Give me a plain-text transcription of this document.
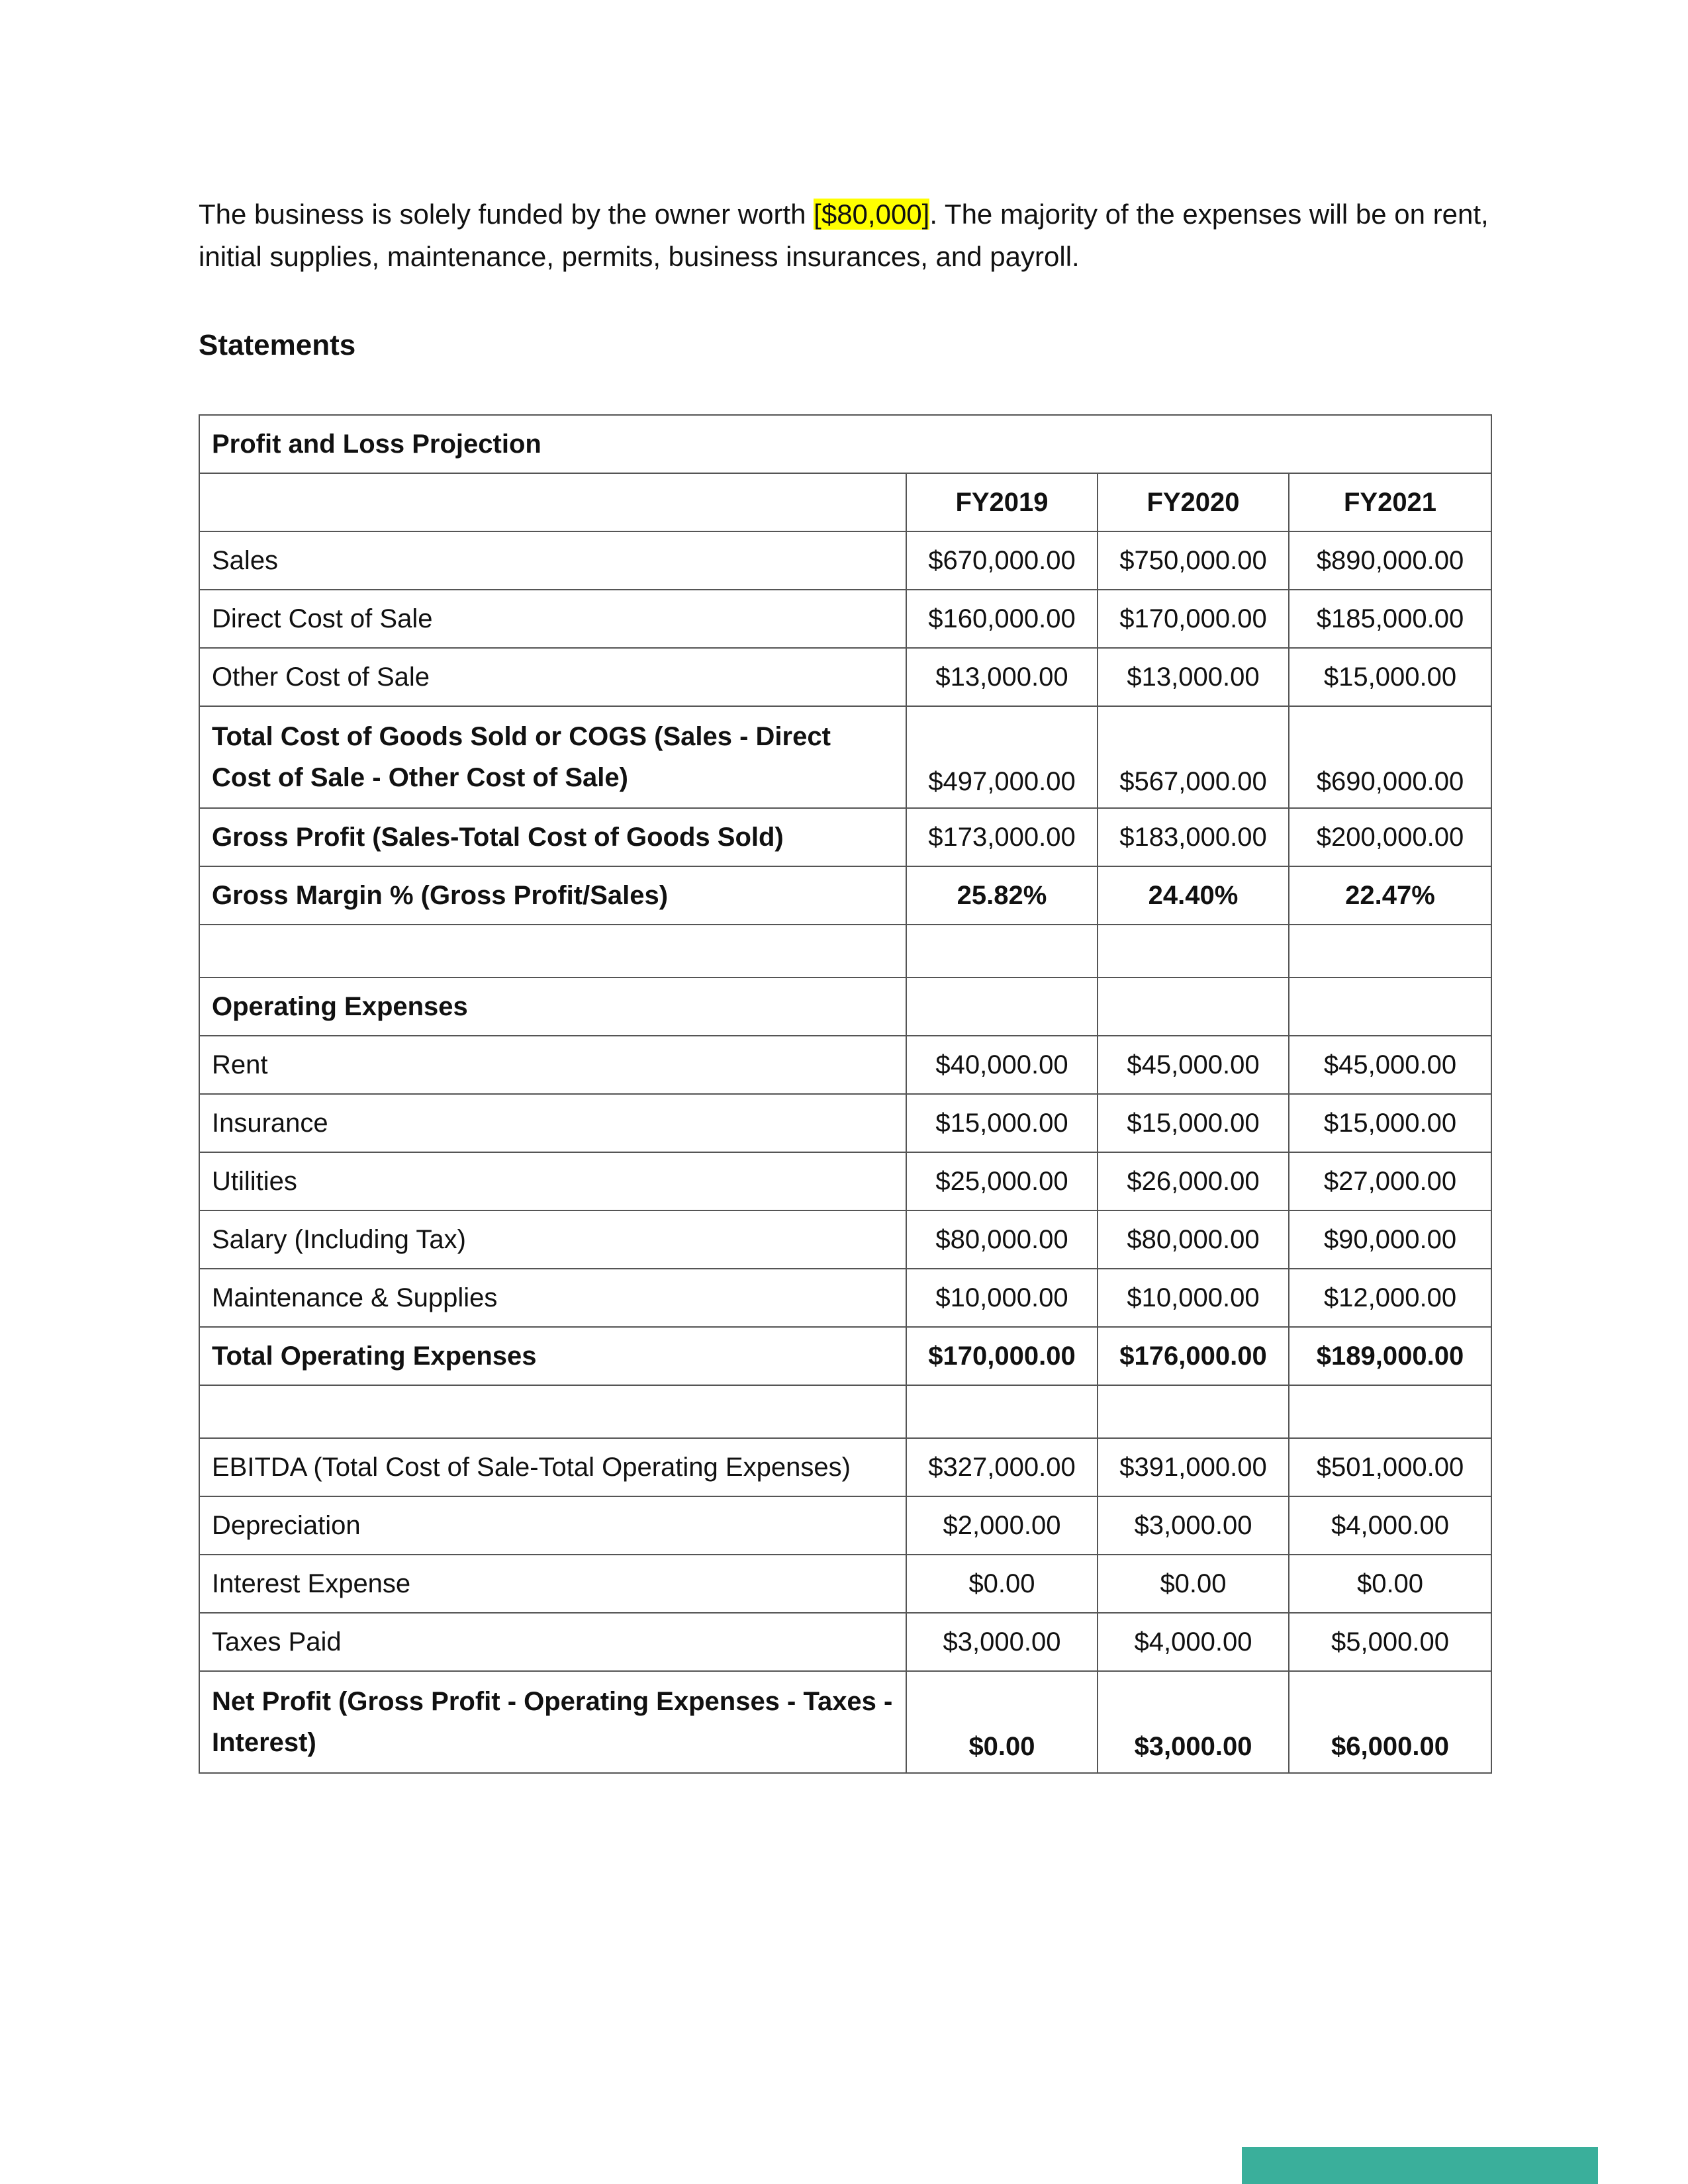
The business is solely funded by the owner worth [$80,000]. The majority of the expenses will be on rent, initial supplies, maintenance, permits, business insurances, and payroll.

Statements
Profit and Loss Projection			
	FY2019	FY2020	FY2021
Sales	$670,000.00	$750,000.00	$890,000.00
Direct Cost of Sale	$160,000.00	$170,000.00	$185,000.00
Other Cost of Sale	$13,000.00	$13,000.00	$15,000.00
Total Cost of Goods Sold or COGS (Sales - Direct Cost of Sale - Other Cost of Sale)	$497,000.00	$567,000.00	$690,000.00
Gross Profit (Sales-Total Cost of Goods Sold)	$173,000.00	$183,000.00	$200,000.00
Gross Margin % (Gross Profit/Sales)	25.82%	24.40%	22.47%

Operating Expenses			
Rent	$40,000.00	$45,000.00	$45,000.00
Insurance	$15,000.00	$15,000.00	$15,000.00
Utilities	$25,000.00	$26,000.00	$27,000.00
Salary (Including Tax)	$80,000.00	$80,000.00	$90,000.00
Maintenance & Supplies	$10,000.00	$10,000.00	$12,000.00
Total Operating Expenses	$170,000.00	$176,000.00	$189,000.00

EBITDA (Total Cost of Sale-Total Operating Expenses)	$327,000.00	$391,000.00	$501,000.00
Depreciation	$2,000.00	$3,000.00	$4,000.00
Interest Expense	$0.00	$0.00	$0.00
Taxes Paid	$3,000.00	$4,000.00	$5,000.00
Net Profit (Gross Profit - Operating Expenses - Taxes - Interest)	$0.00	$3,000.00	$6,000.00
